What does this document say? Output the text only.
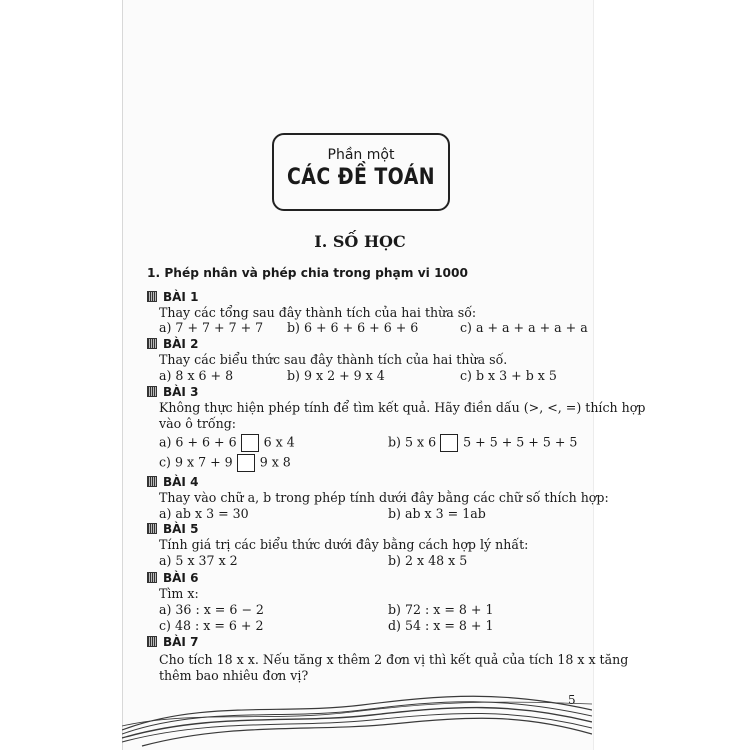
Phần một
CÁC ĐỀ TOÁN
I. SỐ HỌC
1. Phép nhân và phép chia trong phạm vi 1000
BÀI 1
Thay các tổng sau đây thành tích của hai thừa số:
a) 7 + 7 + 7 + 7 b) 6 + 6 + 6 + 6 + 6	c) a + a + a + a + a
BÀI 2
Thay các biểu thức sau đây thành tích của hai thừa số.
a) 8 x 6 + 8	b) 9 x 2 + 9 x 4	c) b x 3 + b x 5
BÀI 3
Không thực hiện phép tính để tìm kết quả. Hãy điền dấu (>, <, =) thích hợp
vào ô trống:
a) 6 + 6 + 6 6 x 4	b) 5 x 6 5 + 5 + 5 + 5 + 5
c) 9 x 7 + 9 9 x 8
BÀI 4
Thay vào chữ a, b trong phép tính dưới đây bằng các chữ số thích hợp:
a) ab x 3 = 30	b) ab x 3 = 1ab
BÀI 5
Tính giá trị các biểu thức dưới đây bằng cách hợp lý nhất:
a) 5 x 37 x 2	b) 2 x 48 x 5
BÀI 6
Tìm x:
a) 36 : x = 6 − 2	b) 72 : x = 8 + 1
c) 48 : x = 6 + 2	d) 54 : x = 8 + 1
BÀI 7
Cho tích 18 x x. Nếu tăng x thêm 2 đơn vị thì kết quả của tích 18 x x tăng
thêm bao nhiêu đơn vị?
5
